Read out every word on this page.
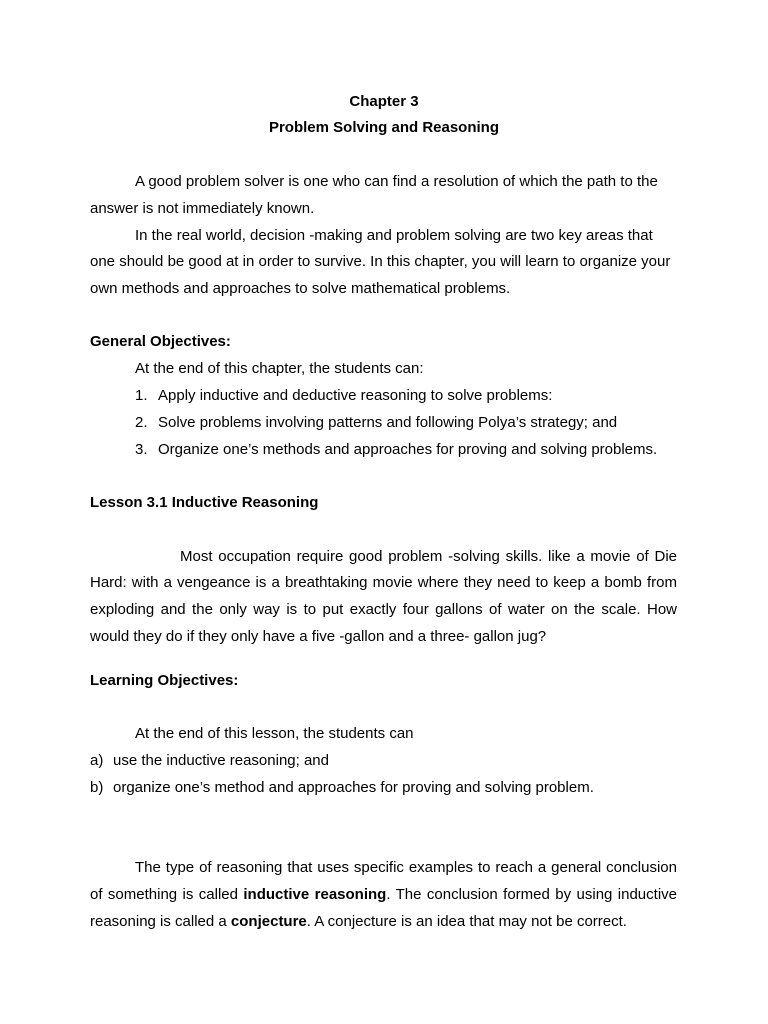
Chapter 3
Problem Solving and Reasoning
A good problem solver is one who can find a resolution of which the path to the
answer is not immediately known.
In the real world, decision -making and problem solving are two key areas that
one should be good at in order to survive. In this chapter, you will learn to organize your
own methods and approaches to solve mathematical problems.
General Objectives:
At the end of this chapter, the students can:
1. Apply inductive and deductive reasoning to solve problems:
2. Solve problems involving patterns and following Polya’s strategy; and
3. Organize one’s methods and approaches for proving and solving problems.
Lesson 3.1 Inductive Reasoning
Most occupation require good problem -solving skills. like a movie of Die
Hard: with a vengeance is a breathtaking movie where they need to keep a bomb from
exploding and the only way is to put exactly four gallons of water on the scale. How
would they do if they only have a five -gallon and a three- gallon jug?
Learning Objectives:
At the end of this lesson, the students can
a) use the inductive reasoning; and
b) organize one’s method and approaches for proving and solving problem.
The type of reasoning that uses specific examples to reach a general conclusion
of something is called inductive reasoning. The conclusion formed by using inductive
reasoning is called a conjecture. A conjecture is an idea that may not be correct.
